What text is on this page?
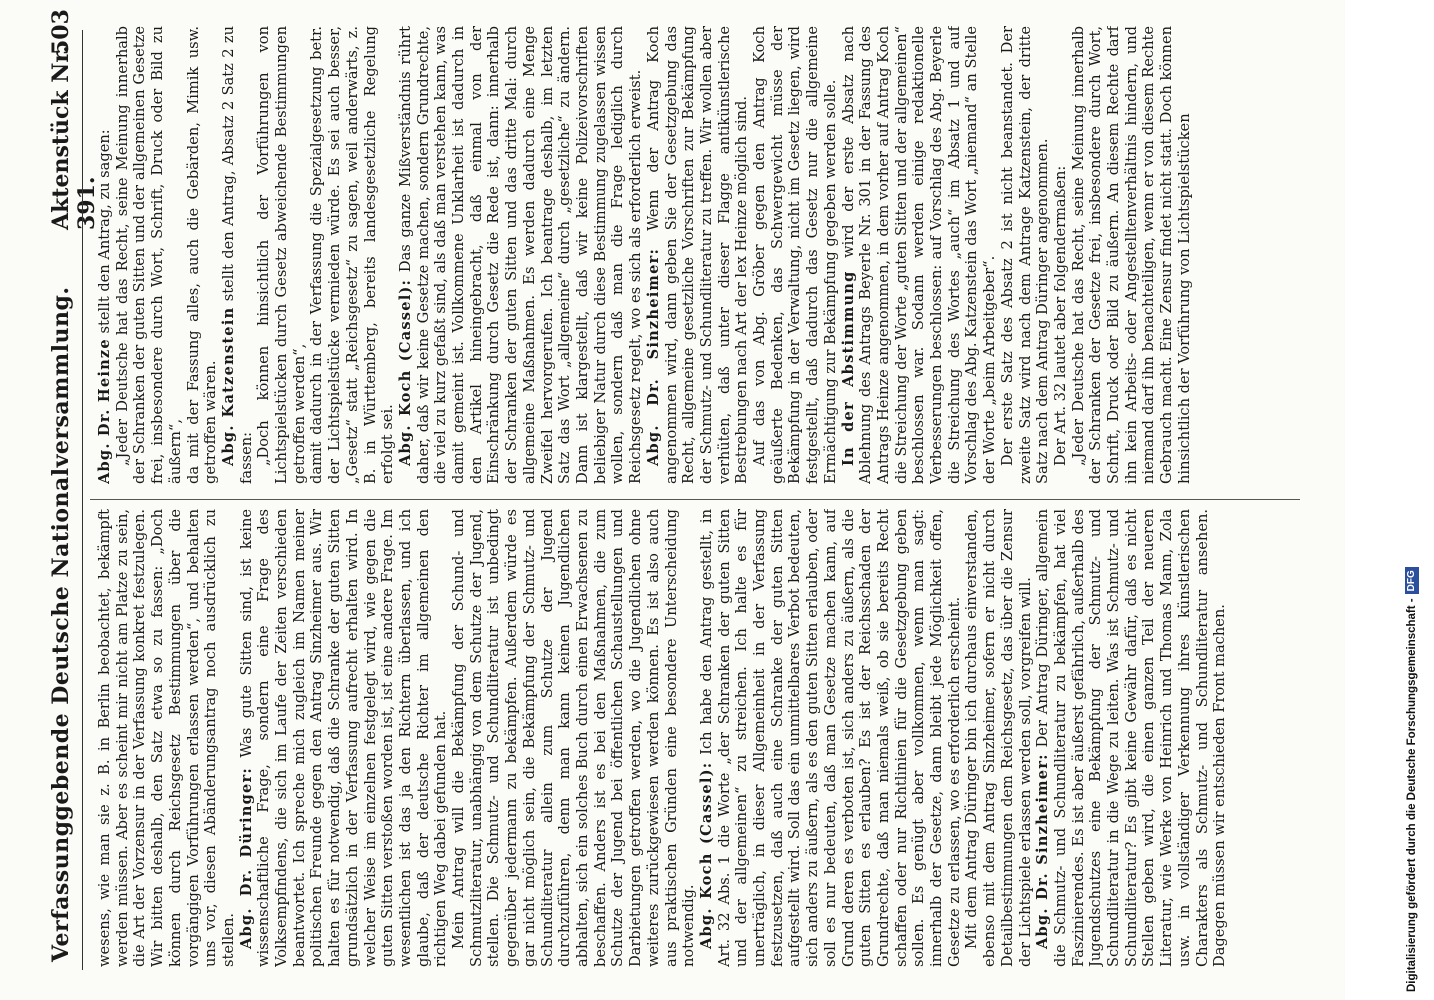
Verfassunggebende Deutsche Nationalversammlung.
Aktenstück Nr. 391.
503

wesens, wie man sie z. B. in Berlin beobachtet, bekämpft werden müssen. Aber es scheint mir nicht am Platze zu sein, die Art der Vorzensur in der Verfassung konkret festzulegen. Wir bitten deshalb, den Satz etwa so zu fassen: „Doch können durch Reichsgesetz Bestimmungen über die vorgängigen Vorführungen erlassen werden“, und behalten uns vor, diesen Abänderungsantrag noch ausdrücklich zu stellen. Abg. Dr. Düringer: Was gute Sitten sind, ist keine wissenschaftliche Frage, sondern eine Frage des Volksempfindens, die sich im Laufe der Zeiten verschieden beantwortet. Ich spreche mich zugleich im Namen meiner politischen Freunde gegen den Antrag Sinzheimer aus. Wir halten es für notwendig, daß die Schranke der guten Sitten grundsätzlich in der Verfassung aufrecht erhalten wird. In welcher Weise im einzelnen festgelegt wird, wie gegen die guten Sitten verstoßen worden ist, ist eine andere Frage. Im wesentlichen ist das ja den Richtern überlassen, und ich glaube, daß der deutsche Richter im allgemeinen den richtigen Weg dabei gefunden hat. Mein Antrag will die Bekämpfung der Schund- und Schmutzliteratur, unabhängig von dem Schutze der Jugend, stellen. Die Schmutz- und Schundliteratur ist unbedingt gegenüber jedermann zu bekämpfen. Außerdem würde es gar nicht möglich sein, die Bekämpfung der Schmutz- und Schundliteratur allein zum Schutze der Jugend durchzuführen, denn man kann keinen Jugendlichen abhalten, sich ein solches Buch durch einen Erwachsenen zu beschaffen. Anders ist es bei den Maßnahmen, die zum Schutze der Jugend bei öffentlichen Schaustellungen und Darbietungen getroffen werden, wo die Jugendlichen ohne weiteres zurückgewiesen werden können. Es ist also auch aus praktischen Gründen eine besondere Unterscheidung notwendig. Abg. Koch (Cassel): Ich habe den Antrag gestellt, in Art. 32 Abs. 1 die Worte „der Schranken der guten Sitten und der allgemeinen“ zu streichen. Ich halte es für unerträglich, in dieser Allgemeinheit in der Verfassung festzusetzen, daß auch eine Schranke der guten Sitten aufgestellt wird. Soll das ein unmittelbares Verbot bedeuten, sich anders zu äußern, als es den guten Sitten erlauben, oder soll es nur bedeuten, daß man Gesetze machen kann, auf Grund deren es verboten ist, sich anders zu äußern, als die guten Sitten es erlauben? Es ist der Reichsschaden der Grundrechte, daß man niemals weiß, ob sie bereits Recht schaffen oder nur Richtlinien für die Gesetzgebung geben sollen. Es genügt aber vollkommen, wenn man sagt: innerhalb der Gesetze, dann bleibt jede Möglichkeit offen, Gesetze zu erlassen, wo es erforderlich erscheint. Mit dem Antrag Düringer bin ich durchaus einverstanden, ebenso mit dem Antrag Sinzheimer, sofern er nicht durch Detailbestimmungen dem Reichsgesetz, das über die Zensur der Lichtspiele erlassen werden soll, vorgreifen will. Abg. Dr. Sinzheimer: Der Antrag Düringer, allgemein die Schmutz- und Schundliteratur zu bekämpfen, hat viel Faszinierendes. Es ist aber äußerst gefährlich, außerhalb des Jugendschutzes eine Bekämpfung der Schmutz- und Schundliteratur in die Wege zu leiten. Was ist Schmutz- und Schundliteratur? Es gibt keine Gewähr dafür, daß es nicht Stellen geben wird, die einen ganzen Teil der neueren Literatur, wie Werke von Heinrich und Thomas Mann, Zola usw. in vollständiger Verkennung ihres künstlerischen Charakters als Schmutz- und Schundliteratur ansehen. Dagegen müssen wir entschieden Front machen.

Abg. Dr. Heinze stellt den Antrag, zu sagen: „Jeder Deutsche hat das Recht, seine Meinung innerhalb der Schranken der guten Sitten und der allgemeinen Gesetze frei, insbesondere durch Wort, Schrift, Druck oder Bild zu äußern“, da mit der Fassung alles, auch die Gebärden, Mimik usw. getroffen wären. Abg. Katzenstein stellt den Antrag, Absatz 2 Satz 2 zu fassen: „Doch können hinsichtlich der Vorführungen von Lichtspielstücken durch Gesetz abweichende Bestimmungen getroffen werden“, damit dadurch in der Verfassung die Spezialgesetzung betr. der Lichtspielstücke vermieden würde. Es sei auch besser, „Gesetz“ statt „Reichsgesetz“ zu sagen, weil anderwärts, z. B. in Württemberg, bereits landesgesetzliche Regelung erfolgt sei. Abg. Koch (Cassel): Das ganze Mißverständnis rührt daher, daß wir keine Gesetze machen, sondern Grundrechte, die viel zu kurz gefaßt sind, als daß man verstehen kann, was damit gemeint ist. Vollkommene Unklarheit ist dadurch in den Artikel hineingebracht, daß einmal von der Einschränkung durch Gesetz die Rede ist, dann: innerhalb der Schranken der guten Sitten und das dritte Mal: durch allgemeine Maßnahmen. Es werden dadurch eine Menge Zweifel hervorgerufen. Ich beantrage deshalb, im letzten Satz das Wort „allgemeine“ durch „gesetzliche“ zu ändern. Dann ist klargestellt, daß wir keine Polizeivorschriften beliebiger Natur durch diese Bestimmung zugelassen wissen wollen, sondern daß man die Frage lediglich durch Reichsgesetz regelt, wo es sich als erforderlich erweist. Abg. Dr. Sinzheimer: Wenn der Antrag Koch angenommen wird, dann geben Sie der Gesetzgebung das Recht, allgemeine gesetzliche Vorschriften zur Bekämpfung der Schmutz- und Schundliteratur zu treffen. Wir wollen aber verhüten, daß unter dieser Flagge antikünstlerische Bestrebungen nach Art der lex Heinze möglich sind. Auf das von Abg. Gröber gegen den Antrag Koch geäußerte Bedenken, das Schwergewicht müsse der Bekämpfung in der Verwaltung, nicht im Gesetz liegen, wird festgestellt, daß dadurch das Gesetz nur die allgemeine Ermächtigung zur Bekämpfung gegeben werden solle. In der Abstimmung wird der erste Absatz nach Ablehnung des Antrags Beyerle Nr. 301 in der Fassung des Antrags Heinze angenommen, in dem vorher auf Antrag Koch die Streichung der Worte „guten Sitten und der allgemeinen“ beschlossen war. Sodann werden einige redaktionelle Verbesserungen beschlossen: auf Vorschlag des Abg. Beyerle die Streichung des Wortes „auch“ im Absatz 1 und auf Vorschlag des Abg. Katzenstein das Wort „niemand“ an Stelle der Worte „beim Arbeitgeber“. Der erste Satz des Absatz 2 ist nicht beanstandet. Der zweite Satz wird nach dem Antrage Katzenstein, der dritte Satz nach dem Antrag Düringer angenommen. Der Art. 32 lautet aber folgendermaßen: „Jeder Deutsche hat das Recht, seine Meinung innerhalb der Schranken der Gesetze frei, insbesondere durch Wort, Schrift, Druck oder Bild zu äußern. An diesem Rechte darf ihn kein Arbeits- oder Angestelltenverhältnis hindern, und niemand darf ihn benachteiligen, wenn er von diesem Rechte Gebrauch macht. Eine Zensur findet nicht statt. Doch können hinsichtlich der Vorführung von Lichtspielstücken

Digitalisierung gefördert durch die Deutsche Forschungsgemeinschaft -
DFG
